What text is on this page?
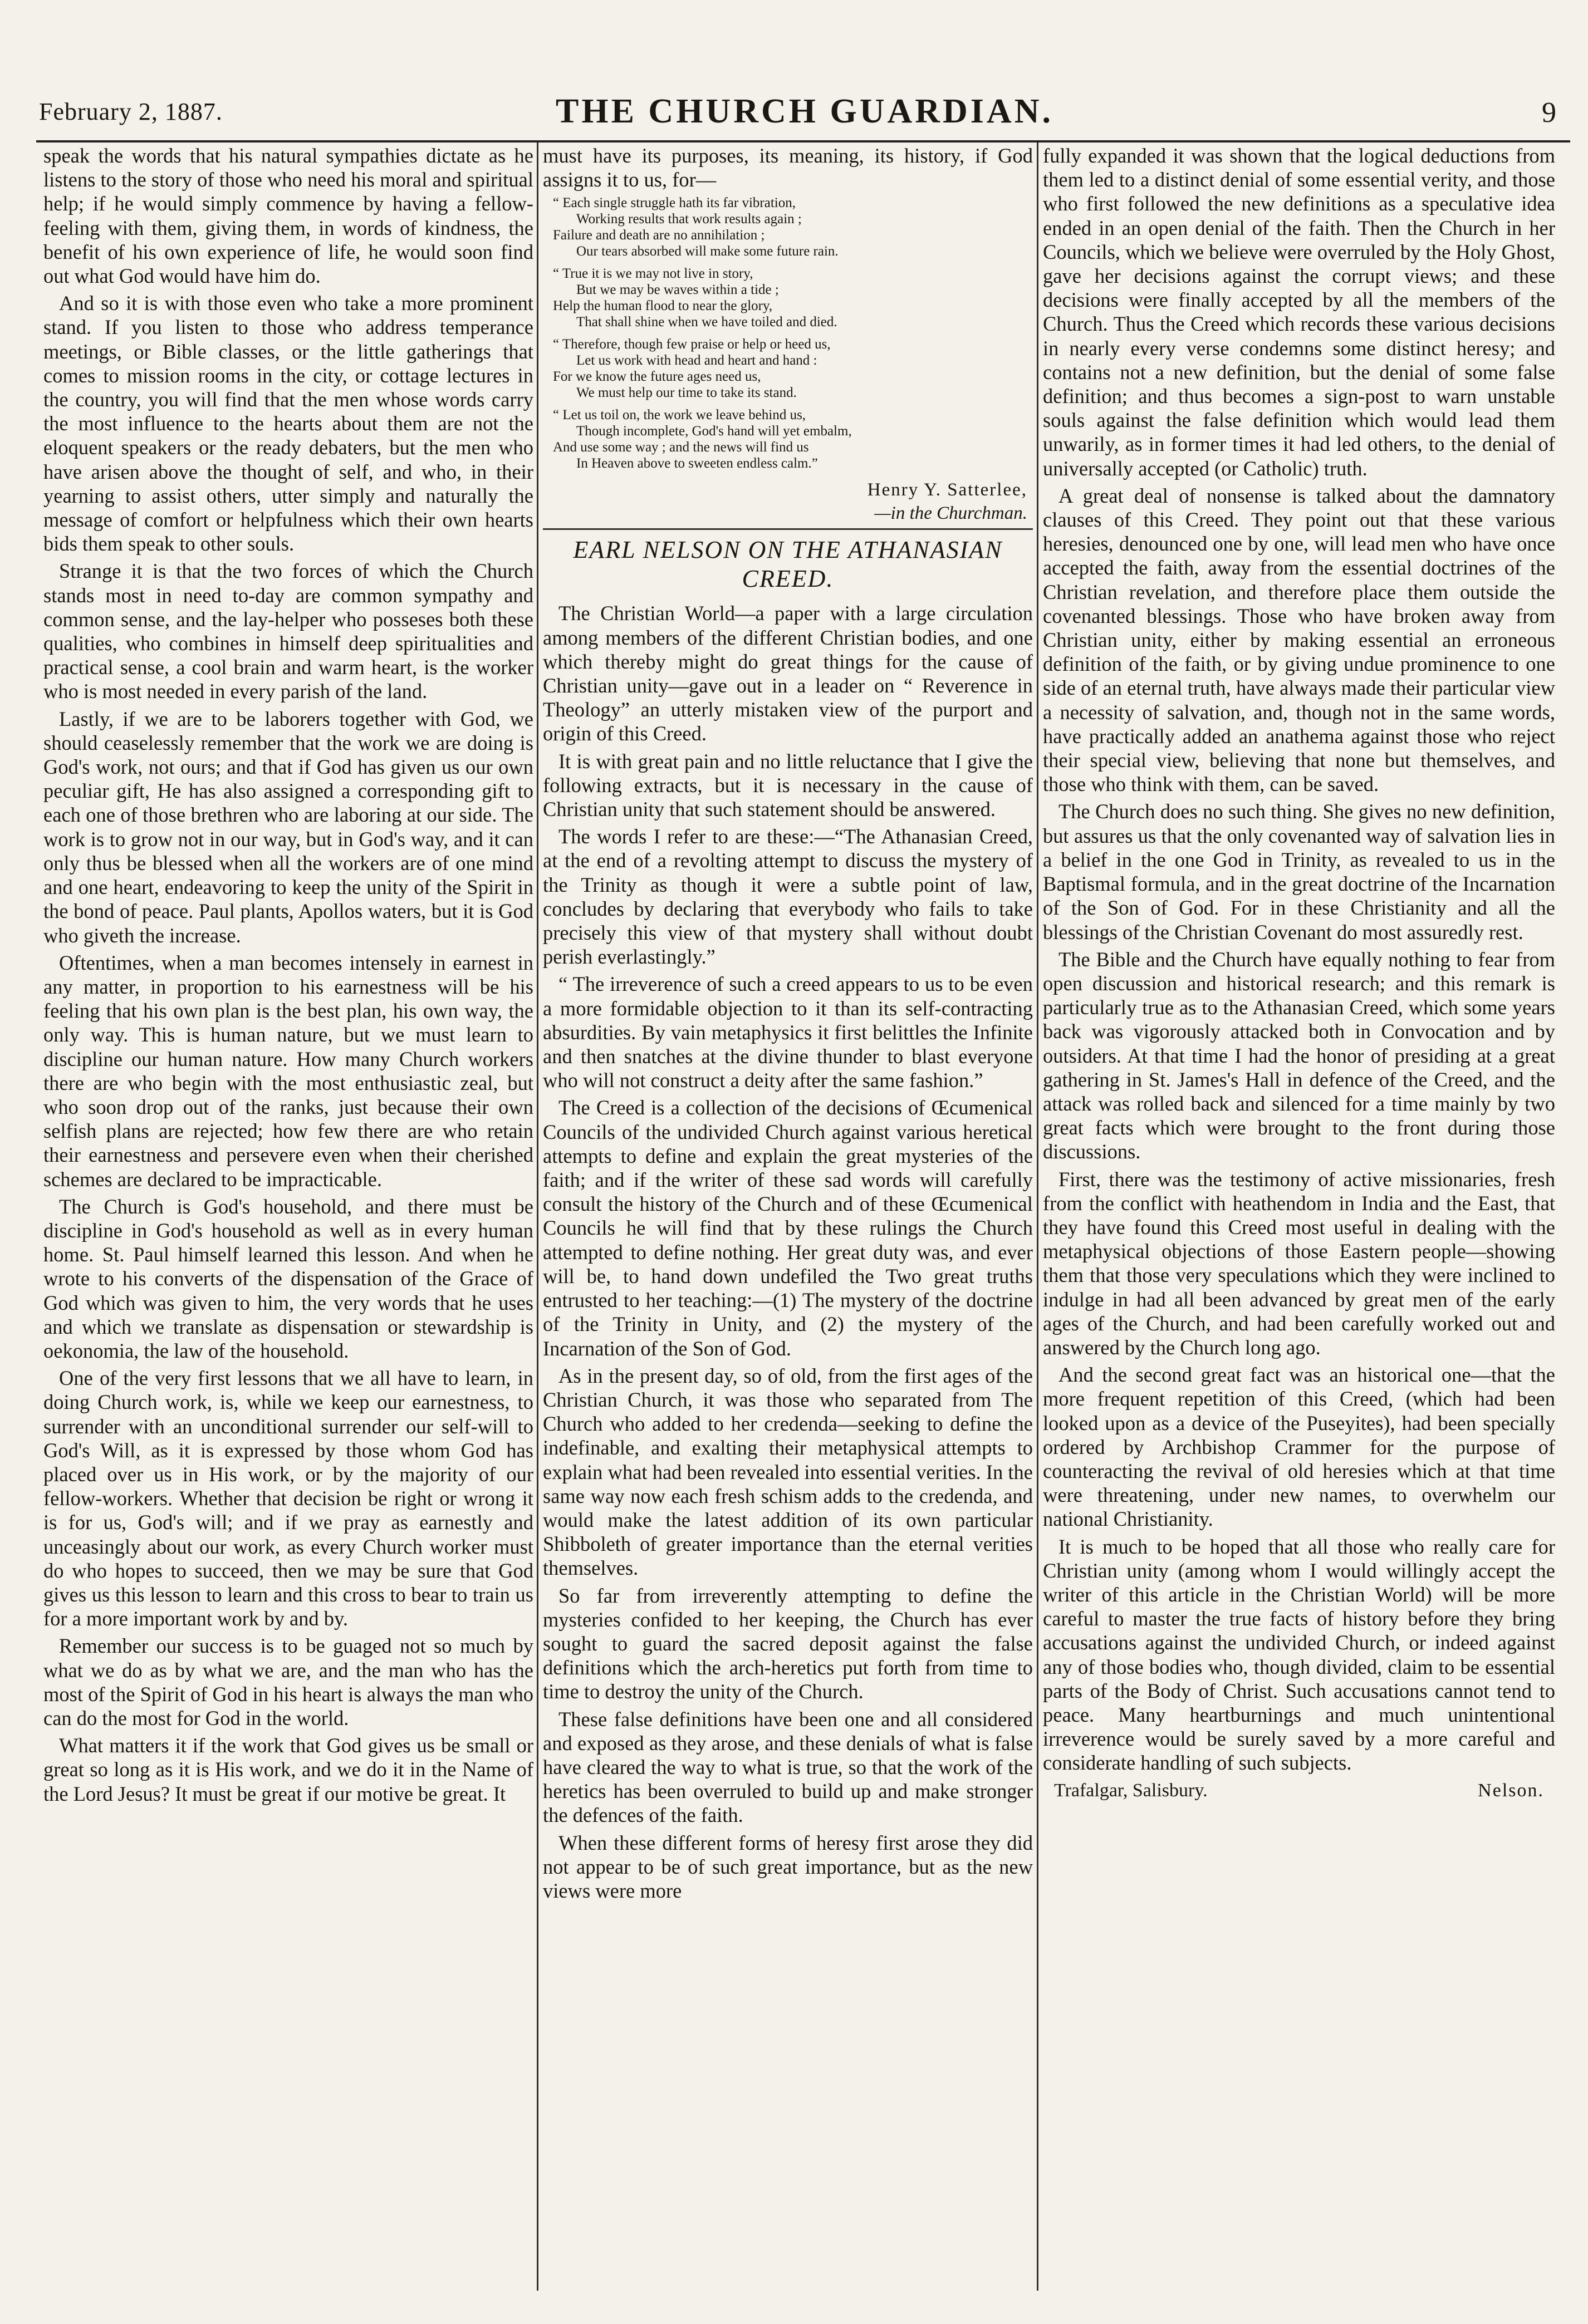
February 2, 1887.	THE CHURCH GUARDIAN.	9

speak the words that his natural sympathies dictate as he listens to the story of those who need his moral and spiritual help; if he would simply commence by having a fellow-feeling with them, giving them, in words of kindness, the benefit of his own experience of life, he would soon find out what God would have him do.

And so it is with those even who take a more prominent stand. If you listen to those who address temperance meetings, or Bible classes, or the little gatherings that comes to mission rooms in the city, or cottage lectures in the country, you will find that the men whose words carry the most influence to the hearts about them are not the eloquent speakers or the ready debaters, but the men who have arisen above the thought of self, and who, in their yearning to assist others, utter simply and naturally the message of comfort or helpfulness which their own hearts bids them speak to other souls.

Strange it is that the two forces of which the Church stands most in need to-day are common sympathy and common sense, and the lay-helper who posseses both these qualities, who combines in himself deep spiritualities and practical sense, a cool brain and warm heart, is the worker who is most needed in every parish of the land.

Lastly, if we are to be laborers together with God, we should ceaselessly remember that the work we are doing is God's work, not ours; and that if God has given us our own peculiar gift, He has also assigned a corresponding gift to each one of those brethren who are laboring at our side. The work is to grow not in our way, but in God's way, and it can only thus be blessed when all the workers are of one mind and one heart, endeavoring to keep the unity of the Spirit in the bond of peace. Paul plants, Apollos waters, but it is God who giveth the increase.

Oftentimes, when a man becomes intensely in earnest in any matter, in proportion to his earnestness will be his feeling that his own plan is the best plan, his own way, the only way. This is human nature, but we must learn to discipline our human nature. How many Church workers there are who begin with the most enthusiastic zeal, but who soon drop out of the ranks, just because their own selfish plans are rejected; how few there are who retain their earnestness and persevere even when their cherished schemes are declared to be impracticable.

The Church is God's household, and there must be discipline in God's household as well as in every human home. St. Paul himself learned this lesson. And when he wrote to his converts of the dispensation of the Grace of God which was given to him, the very words that he uses and which we translate as dispensation or stewardship is oekonomia, the law of the household.

One of the very first lessons that we all have to learn, in doing Church work, is, while we keep our earnestness, to surrender with an unconditional surrender our self-will to God's Will, as it is expressed by those whom God has placed over us in His work, or by the majority of our fellow-workers. Whether that decision be right or wrong it is for us, God's will; and if we pray as earnestly and unceasingly about our work, as every Church worker must do who hopes to succeed, then we may be sure that God gives us this lesson to learn and this cross to bear to train us for a more important work by and by.

Remember our success is to be guaged not so much by what we do as by what we are, and the man who has the most of the Spirit of God in his heart is always the man who can do the most for God in the world.

What matters it if the work that God gives us be small or great so long as it is His work, and we do it in the Name of the Lord Jesus? It must be great if our motive be great. It

must have its purposes, its meaning, its history, if God assigns it to us, for—

“ Each single struggle hath its far vibration,
Working results that work results again ;
Failure and death are no annihilation ;
Our tears absorbed will make some future rain.
“ True it is we may not live in story,
But we may be waves within a tide ;
Help the human flood to near the glory,
That shall shine when we have toiled and died.
“ Therefore, though few praise or help or heed us,
Let us work with head and heart and hand :
For we know the future ages need us,
We must help our time to take its stand.
“ Let us toil on, the work we leave behind us,
Though incomplete, God's hand will yet embalm,
And use some way ; and the news will find us
In Heaven above to sweeten endless calm.”
Henry Y. Satterlee,
—in the Churchman.
EARL NELSON ON THE ATHANASIAN CREED.

The Christian World—a paper with a large circulation among members of the different Christian bodies, and one which thereby might do great things for the cause of Christian unity—gave out in a leader on “ Reverence in Theology” an utterly mistaken view of the purport and origin of this Creed.

It is with great pain and no little reluctance that I give the following extracts, but it is necessary in the cause of Christian unity that such statement should be answered.

The words I refer to are these:—“The Athanasian Creed, at the end of a revolting attempt to discuss the mystery of the Trinity as though it were a subtle point of law, concludes by declaring that everybody who fails to take precisely this view of that mystery shall without doubt perish everlastingly.”

“ The irreverence of such a creed appears to us to be even a more formidable objection to it than its self-contracting absurdities. By vain metaphysics it first belittles the Infinite and then snatches at the divine thunder to blast everyone who will not construct a deity after the same fashion.”

The Creed is a collection of the decisions of Œcumenical Councils of the undivided Church against various heretical attempts to define and explain the great mysteries of the faith; and if the writer of these sad words will carefully consult the history of the Church and of these Œcumenical Councils he will find that by these rulings the Church attempted to define nothing. Her great duty was, and ever will be, to hand down undefiled the Two great truths entrusted to her teaching:—(1) The mystery of the doctrine of the Trinity in Unity, and (2) the mystery of the Incarnation of the Son of God.

As in the present day, so of old, from the first ages of the Christian Church, it was those who separated from The Church who added to her credenda—seeking to define the indefinable, and exalting their metaphysical attempts to explain what had been revealed into essential verities. In the same way now each fresh schism adds to the credenda, and would make the latest addition of its own particular Shibboleth of greater importance than the eternal verities themselves.

So far from irreverently attempting to define the mysteries confided to her keeping, the Church has ever sought to guard the sacred deposit against the false definitions which the arch-heretics put forth from time to time to destroy the unity of the Church.

These false definitions have been one and all considered and exposed as they arose, and these denials of what is false have cleared the way to what is true, so that the work of the heretics has been overruled to build up and make stronger the defences of the faith.

When these different forms of heresy first arose they did not appear to be of such great importance, but as the new views were more

fully expanded it was shown that the logical deductions from them led to a distinct denial of some essential verity, and those who first followed the new definitions as a speculative idea ended in an open denial of the faith. Then the Church in her Councils, which we believe were overruled by the Holy Ghost, gave her decisions against the corrupt views; and these decisions were finally accepted by all the members of the Church. Thus the Creed which records these various decisions in nearly every verse condemns some distinct heresy; and contains not a new definition, but the denial of some false definition; and thus becomes a sign-post to warn unstable souls against the false definition which would lead them unwarily, as in former times it had led others, to the denial of universally accepted (or Catholic) truth.

A great deal of nonsense is talked about the damnatory clauses of this Creed. They point out that these various heresies, denounced one by one, will lead men who have once accepted the faith, away from the essential doctrines of the Christian revelation, and therefore place them outside the covenanted blessings. Those who have broken away from Christian unity, either by making essential an erroneous definition of the faith, or by giving undue prominence to one side of an eternal truth, have always made their particular view a necessity of salvation, and, though not in the same words, have practically added an anathema against those who reject their special view, believing that none but themselves, and those who think with them, can be saved.

The Church does no such thing. She gives no new definition, but assures us that the only covenanted way of salvation lies in a belief in the one God in Trinity, as revealed to us in the Baptismal formula, and in the great doctrine of the Incarnation of the Son of God. For in these Christianity and all the blessings of the Christian Covenant do most assuredly rest.

The Bible and the Church have equally nothing to fear from open discussion and historical research; and this remark is particularly true as to the Athanasian Creed, which some years back was vigorously attacked both in Convocation and by outsiders. At that time I had the honor of presiding at a great gathering in St. James's Hall in defence of the Creed, and the attack was rolled back and silenced for a time mainly by two great facts which were brought to the front during those discussions.

First, there was the testimony of active missionaries, fresh from the conflict with heathendom in India and the East, that they have found this Creed most useful in dealing with the metaphysical objections of those Eastern people—showing them that those very speculations which they were inclined to indulge in had all been advanced by great men of the early ages of the Church, and had been carefully worked out and answered by the Church long ago.

And the second great fact was an historical one—that the more frequent repetition of this Creed, (which had been looked upon as a device of the Puseyites), had been specially ordered by Archbishop Crammer for the purpose of counteracting the revival of old heresies which at that time were threatening, under new names, to overwhelm our national Christianity.

It is much to be hoped that all those who really care for Christian unity (among whom I would willingly accept the writer of this article in the Christian World) will be more careful to master the true facts of history before they bring accusations against the undivided Church, or indeed against any of those bodies who, though divided, claim to be essential parts of the Body of Christ. Such accusations cannot tend to peace. Many heartburnings and much unintentional irreverence would be surely saved by a more careful and considerate handling of such subjects.

Trafalgar, Salisbury.	Nelson.
